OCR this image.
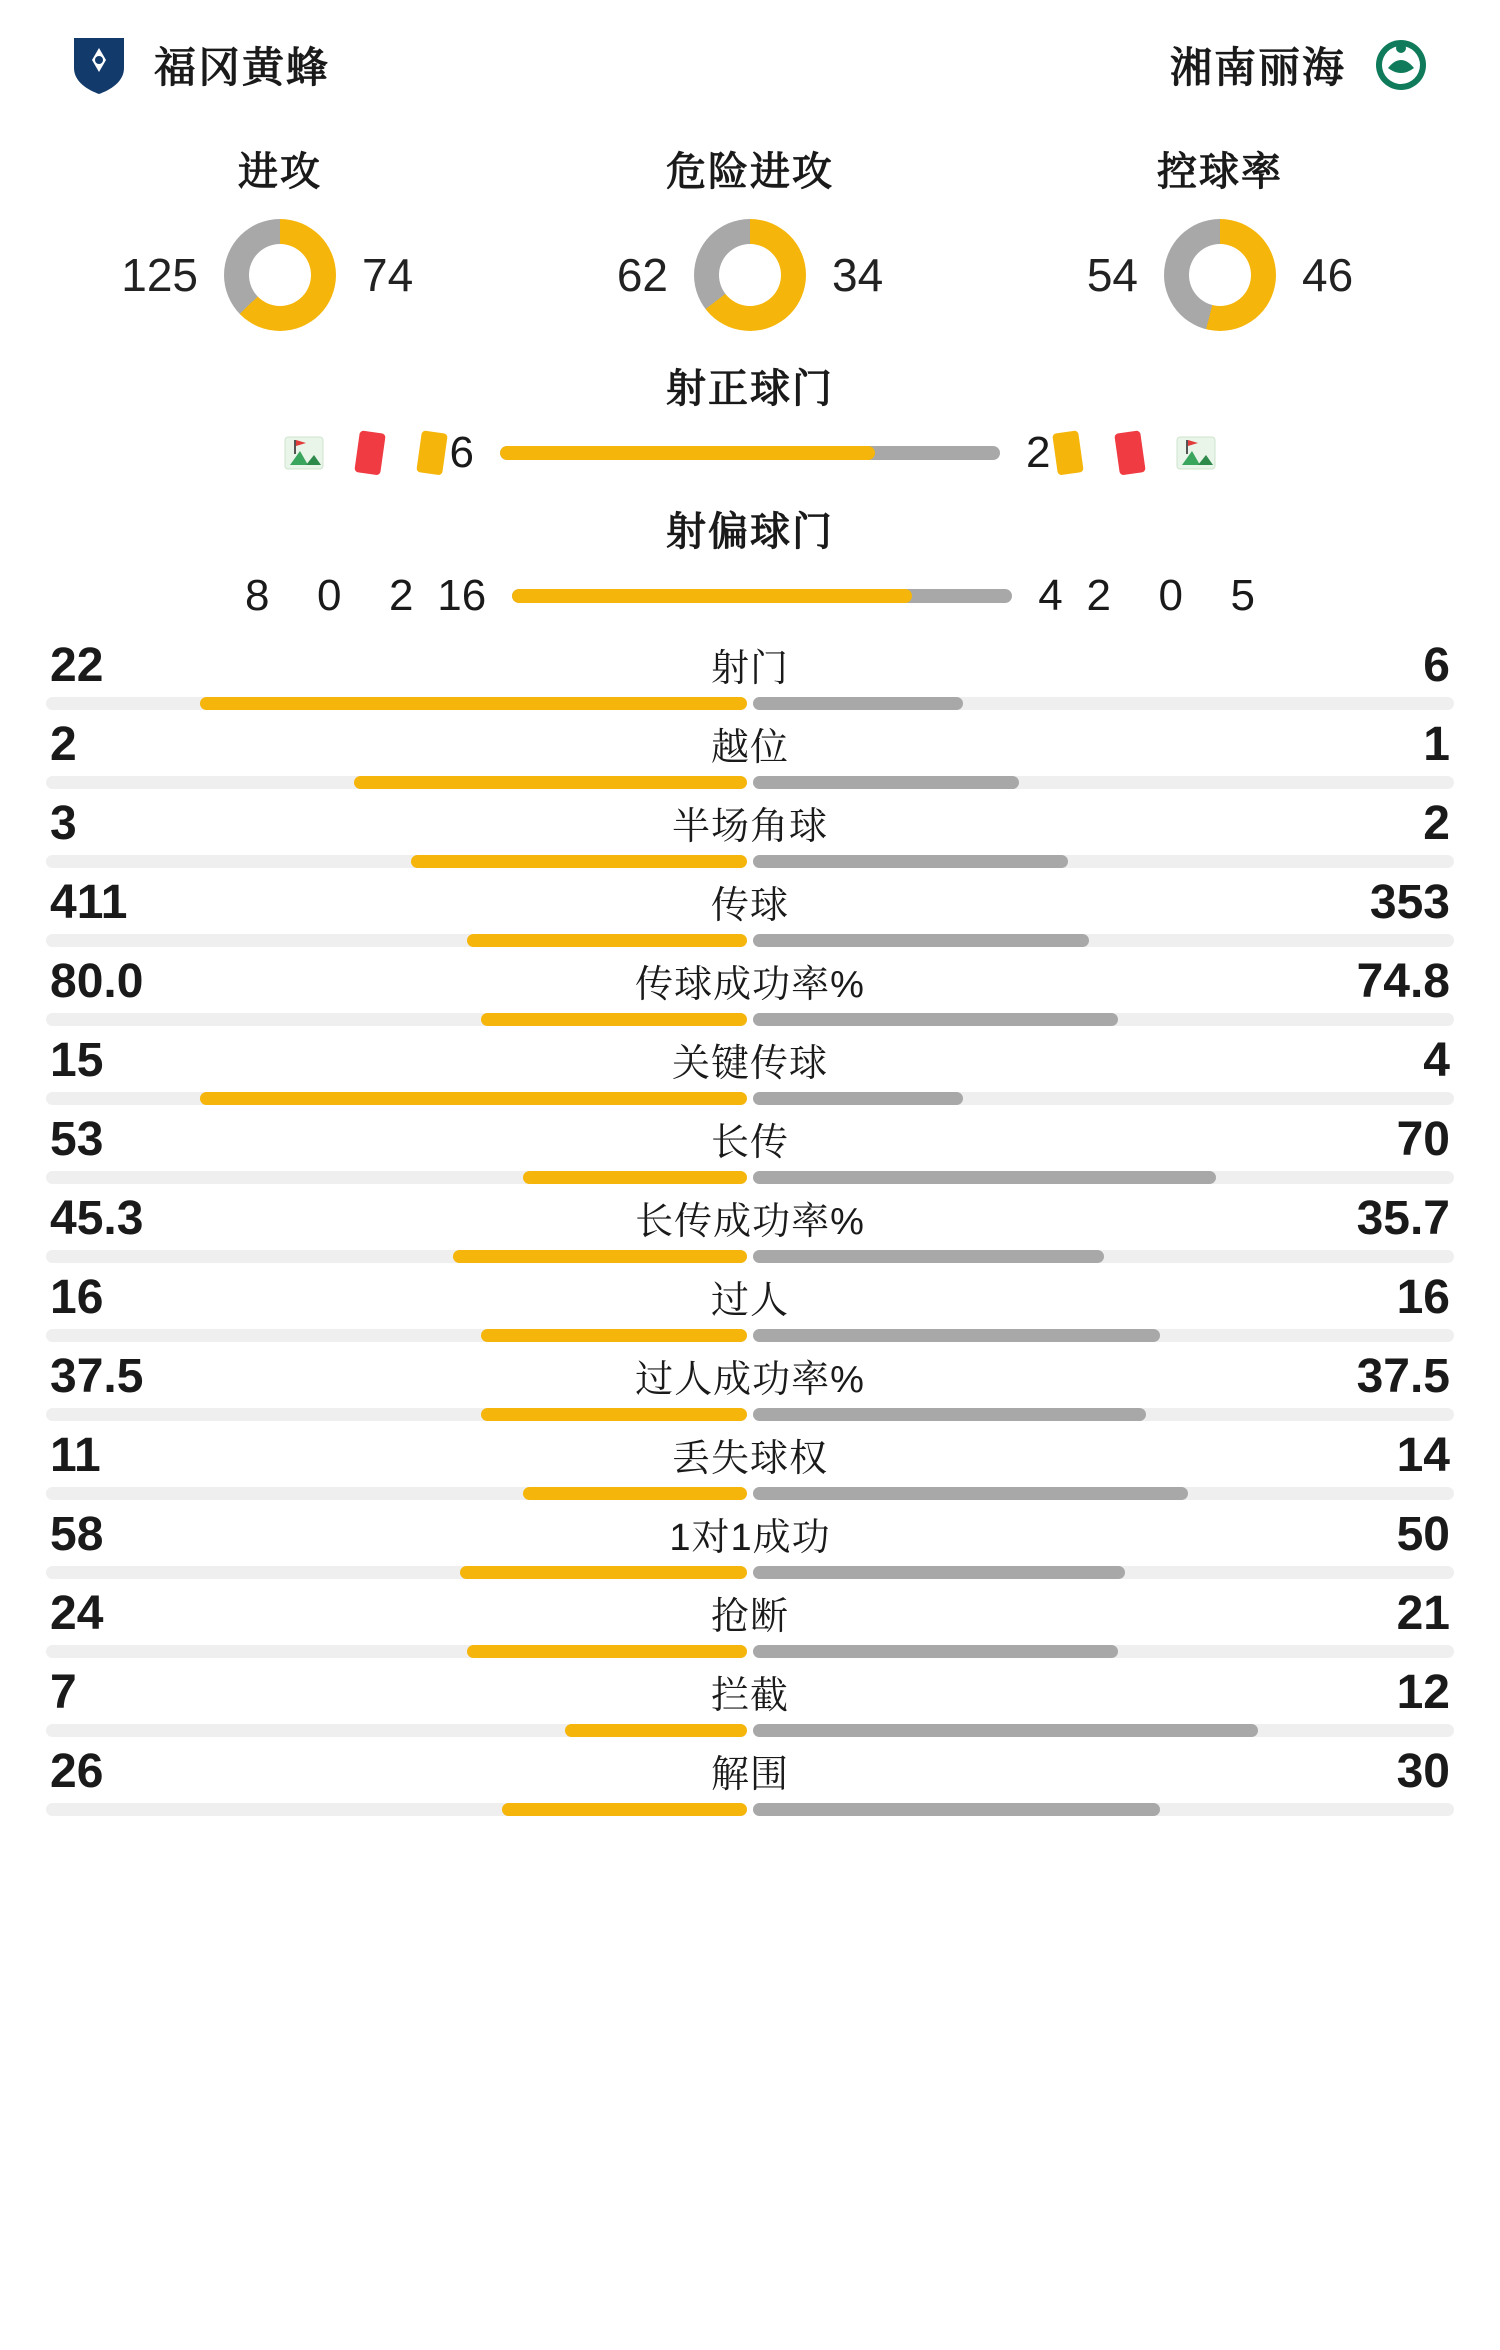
福冈黄蜂	湘南丽海
进攻
125	74
危险进攻
62	34
控球率
54	46
射正球门
6	2
射偏球门
8	0	2 16	4 2	0	5
22	射门	6
2	越位	1
3	半场角球	2
411	传球	353
80.0	传球成功率%	74.8
15	关键传球	4
53	长传	70
45.3	长传成功率%	35.7
16	过人	16
37.5	过人成功率%	37.5
11	丢失球权	14
58	1对1成功	50
24	抢断	21
7	拦截	12
26	解围	30
